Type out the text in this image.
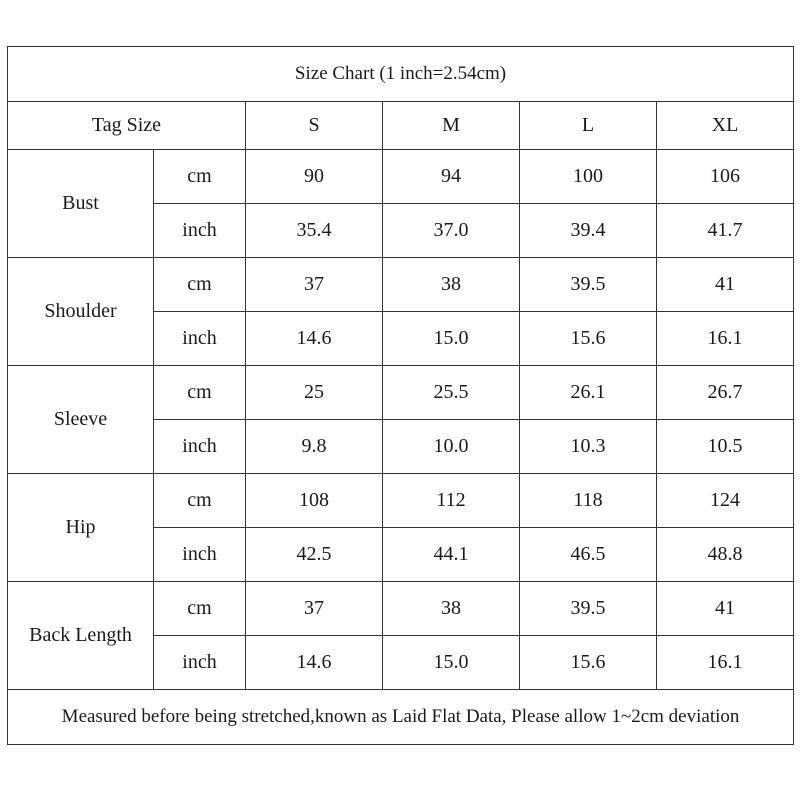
Size Chart (1 inch=2.54cm)					
Tag Size		S	M	L	XL
Bust	cm	90	94	100	106
	inch	35.4	37.0	39.4	41.7
Shoulder	cm	37	38	39.5	41
	inch	14.6	15.0	15.6	16.1
Sleeve	cm	25	25.5	26.1	26.7
	inch	9.8	10.0	10.3	10.5
Hip	cm	108	112	118	124
	inch	42.5	44.1	46.5	48.8
Back Length	cm	37	38	39.5	41
	inch	14.6	15.0	15.6	16.1
Measured before being stretched,known as Laid Flat Data, Please allow 1~2cm deviation					
